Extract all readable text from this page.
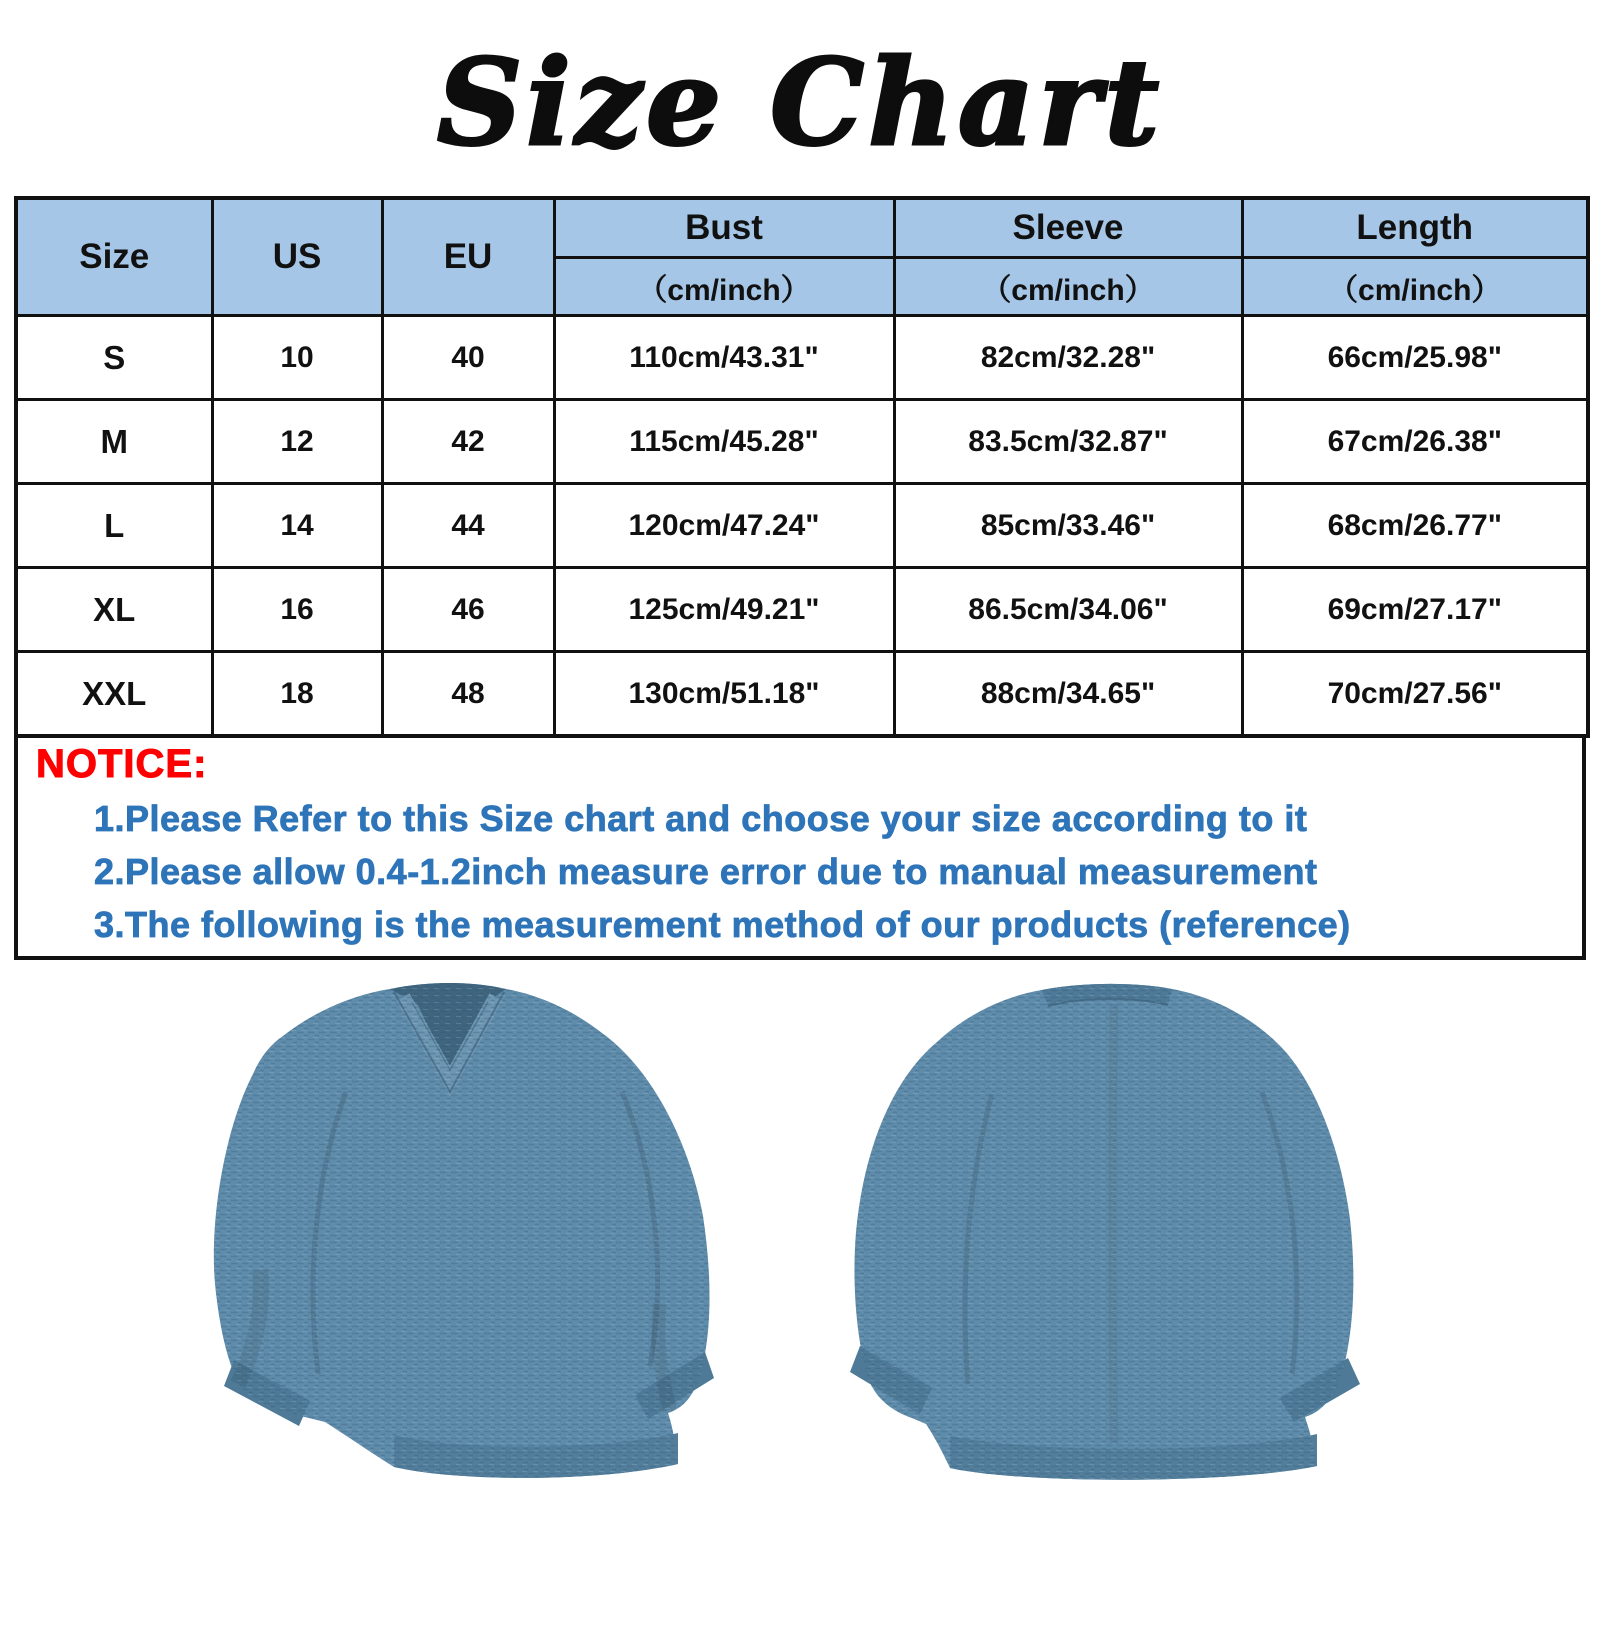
Size Chart
Size	US	EU	Bust	Sleeve	Length
			（cm/inch）	（cm/inch）	（cm/inch）
S	10	40	110cm/43.31"	82cm/32.28"	66cm/25.98"
M	12	42	115cm/45.28"	83.5cm/32.87"	67cm/26.38"
L	14	44	120cm/47.24"	85cm/33.46"	68cm/26.77"
XL	16	46	125cm/49.21"	86.5cm/34.06"	69cm/27.17"
XXL	18	48	130cm/51.18"	88cm/34.65"	70cm/27.56"
NOTICE:
1.Please Refer to this Size chart and choose your size according to it
2.Please allow 0.4-1.2inch measure error due to manual measurement
3.The following is the measurement method of our products (reference)
